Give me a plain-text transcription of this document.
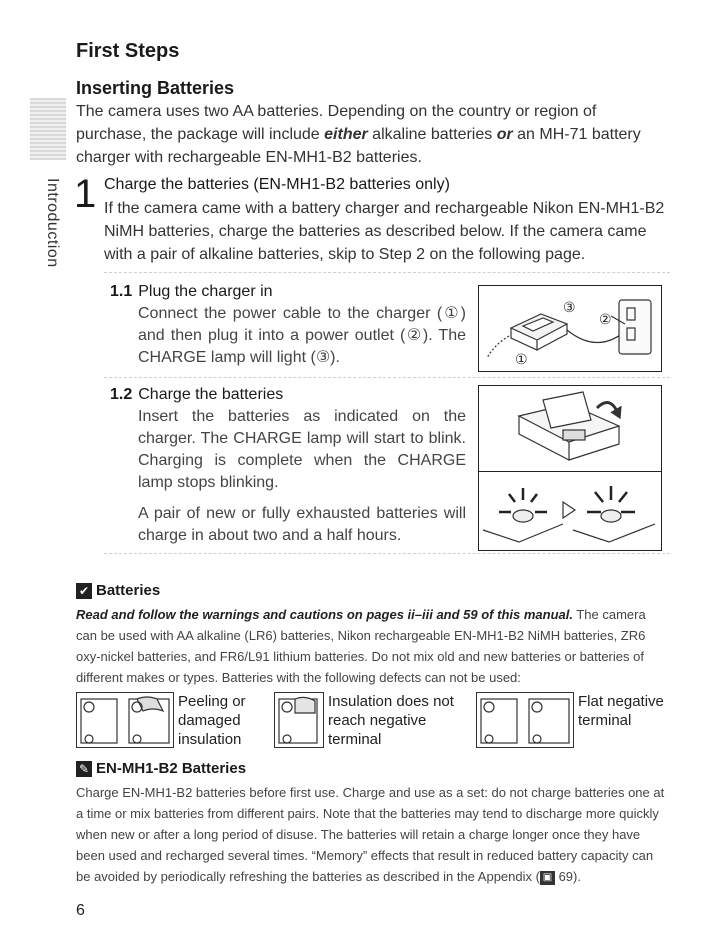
First Steps
Inserting Batteries
Introduction
The camera uses two AA batteries. Depending on the country or region of purchase, the package will include either alkaline batteries or an MH-71 battery charger with rechargeable EN-MH1-B2 batteries.
1 Charge the batteries (EN-MH1-B2 batteries only)
If the camera came with a battery charger and rechargeable Nikon EN-MH1-B2 NiMH batteries, charge the batteries as described below. If the camera came with a pair of alkaline batteries, skip to Step 2 on the following page.
1.1 Plug the charger in
Connect the power cable to the charger (①) and then plug it into a power outlet (②). The CHARGE lamp will light (③).
③
②
①
1.2 Charge the batteries
Insert the batteries as indicated on the charger. The CHARGE lamp will start to blink. Charging is complete when the CHARGE lamp stops blinking.
A pair of new or fully exhausted batteries will charge in about two and a half hours.
✔ Batteries
Read and follow the warnings and cautions on pages ii–iii and 59 of this manual. The camera can be used with AA alkaline (LR6) batteries, Nikon rechargeable EN-MH1-B2 NiMH batteries, ZR6 oxy-nickel batteries, and FR6/L91 lithium batteries. Do not mix old and new batteries or batteries of different makes or types. Batteries with the following defects can not be used:
Peeling or damaged insulation
Insulation does not reach negative terminal
Flat negative terminal
✎ EN-MH1-B2 Batteries
Charge EN-MH1-B2 batteries before first use. Charge and use as a set: do not charge batteries one at a time or mix batteries from different pairs. Note that the batteries may tend to discharge more quickly when new or after a long period of disuse. The batteries will retain a charge longer once they have been used and recharged several times. “Memory” effects that result in reduced battery capacity can be avoided by periodically refreshing the batteries as described in the Appendix ( ▣ 69).
6
